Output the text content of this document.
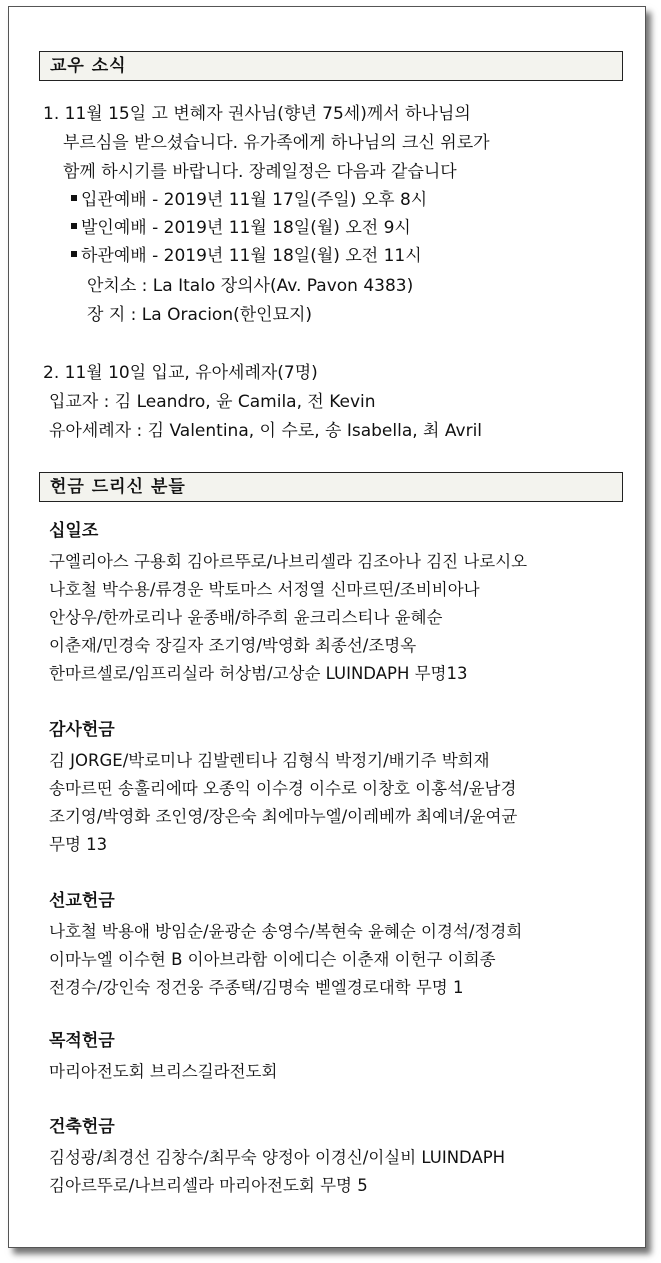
교우 소식
1. 11월 15일 고 변혜자 권사님(향년 75세)께서 하나님의
부르심을 받으셨습니다. 유가족에게 하나님의 크신 위로가
함께 하시기를 바랍니다. 장례일정은 다음과 같습니다
입관예배 - 2019년 11월 17일(주일) 오후 8시
발인예배 - 2019년 11월 18일(월) 오전 9시
하관예배 - 2019년 11월 18일(월) 오전 11시
안치소 : La Italo 장의사(Av. Pavon 4383)
장 지 : La Oracion(한인묘지)
2. 11월 10일 입교, 유아세례자(7명)
입교자 : 김 Leandro, 윤 Camila, 전 Kevin
유아세례자 : 김 Valentina, 이 수로, 송 Isabella, 최 Avril
헌금 드리신 분들
십일조
구엘리아스 구용회 김아르뚜로/나브리셀라 김조아나 김진 나로시오
나호철 박수용/류경운 박토마스 서정열 신마르띤/조비비아나
안상우/한까로리나 윤종배/하주희 윤크리스티나 윤혜순
이춘재/민경숙 장길자 조기영/박영화 최종선/조명옥
한마르셀로/임프리실라 허상범/고상순 LUINDAPH 무명13
감사헌금
김 JORGE/박로미나 김발렌티나 김형식 박정기/배기주 박희재
송마르띤 송훌리에따 오종익 이수경 이수로 이창호 이홍석/윤남경
조기영/박영화 조인영/장은숙 최에마누엘/이레베까 최예녀/윤여균
무명 13
선교헌금
나호철 박용애 방임순/윤광순 송영수/복현숙 윤혜순 이경석/정경희
이마누엘 이수현 B 이아브라함 이에디슨 이춘재 이헌구 이희종
전경수/강인숙 정건웅 주종택/김명숙 벧엘경로대학 무명 1
목적헌금
마리아전도회 브리스길라전도회
건축헌금
김성광/최경선 김창수/최무숙 양정아 이경신/이실비 LUINDAPH
김아르뚜로/나브리셀라 마리아전도회 무명 5
